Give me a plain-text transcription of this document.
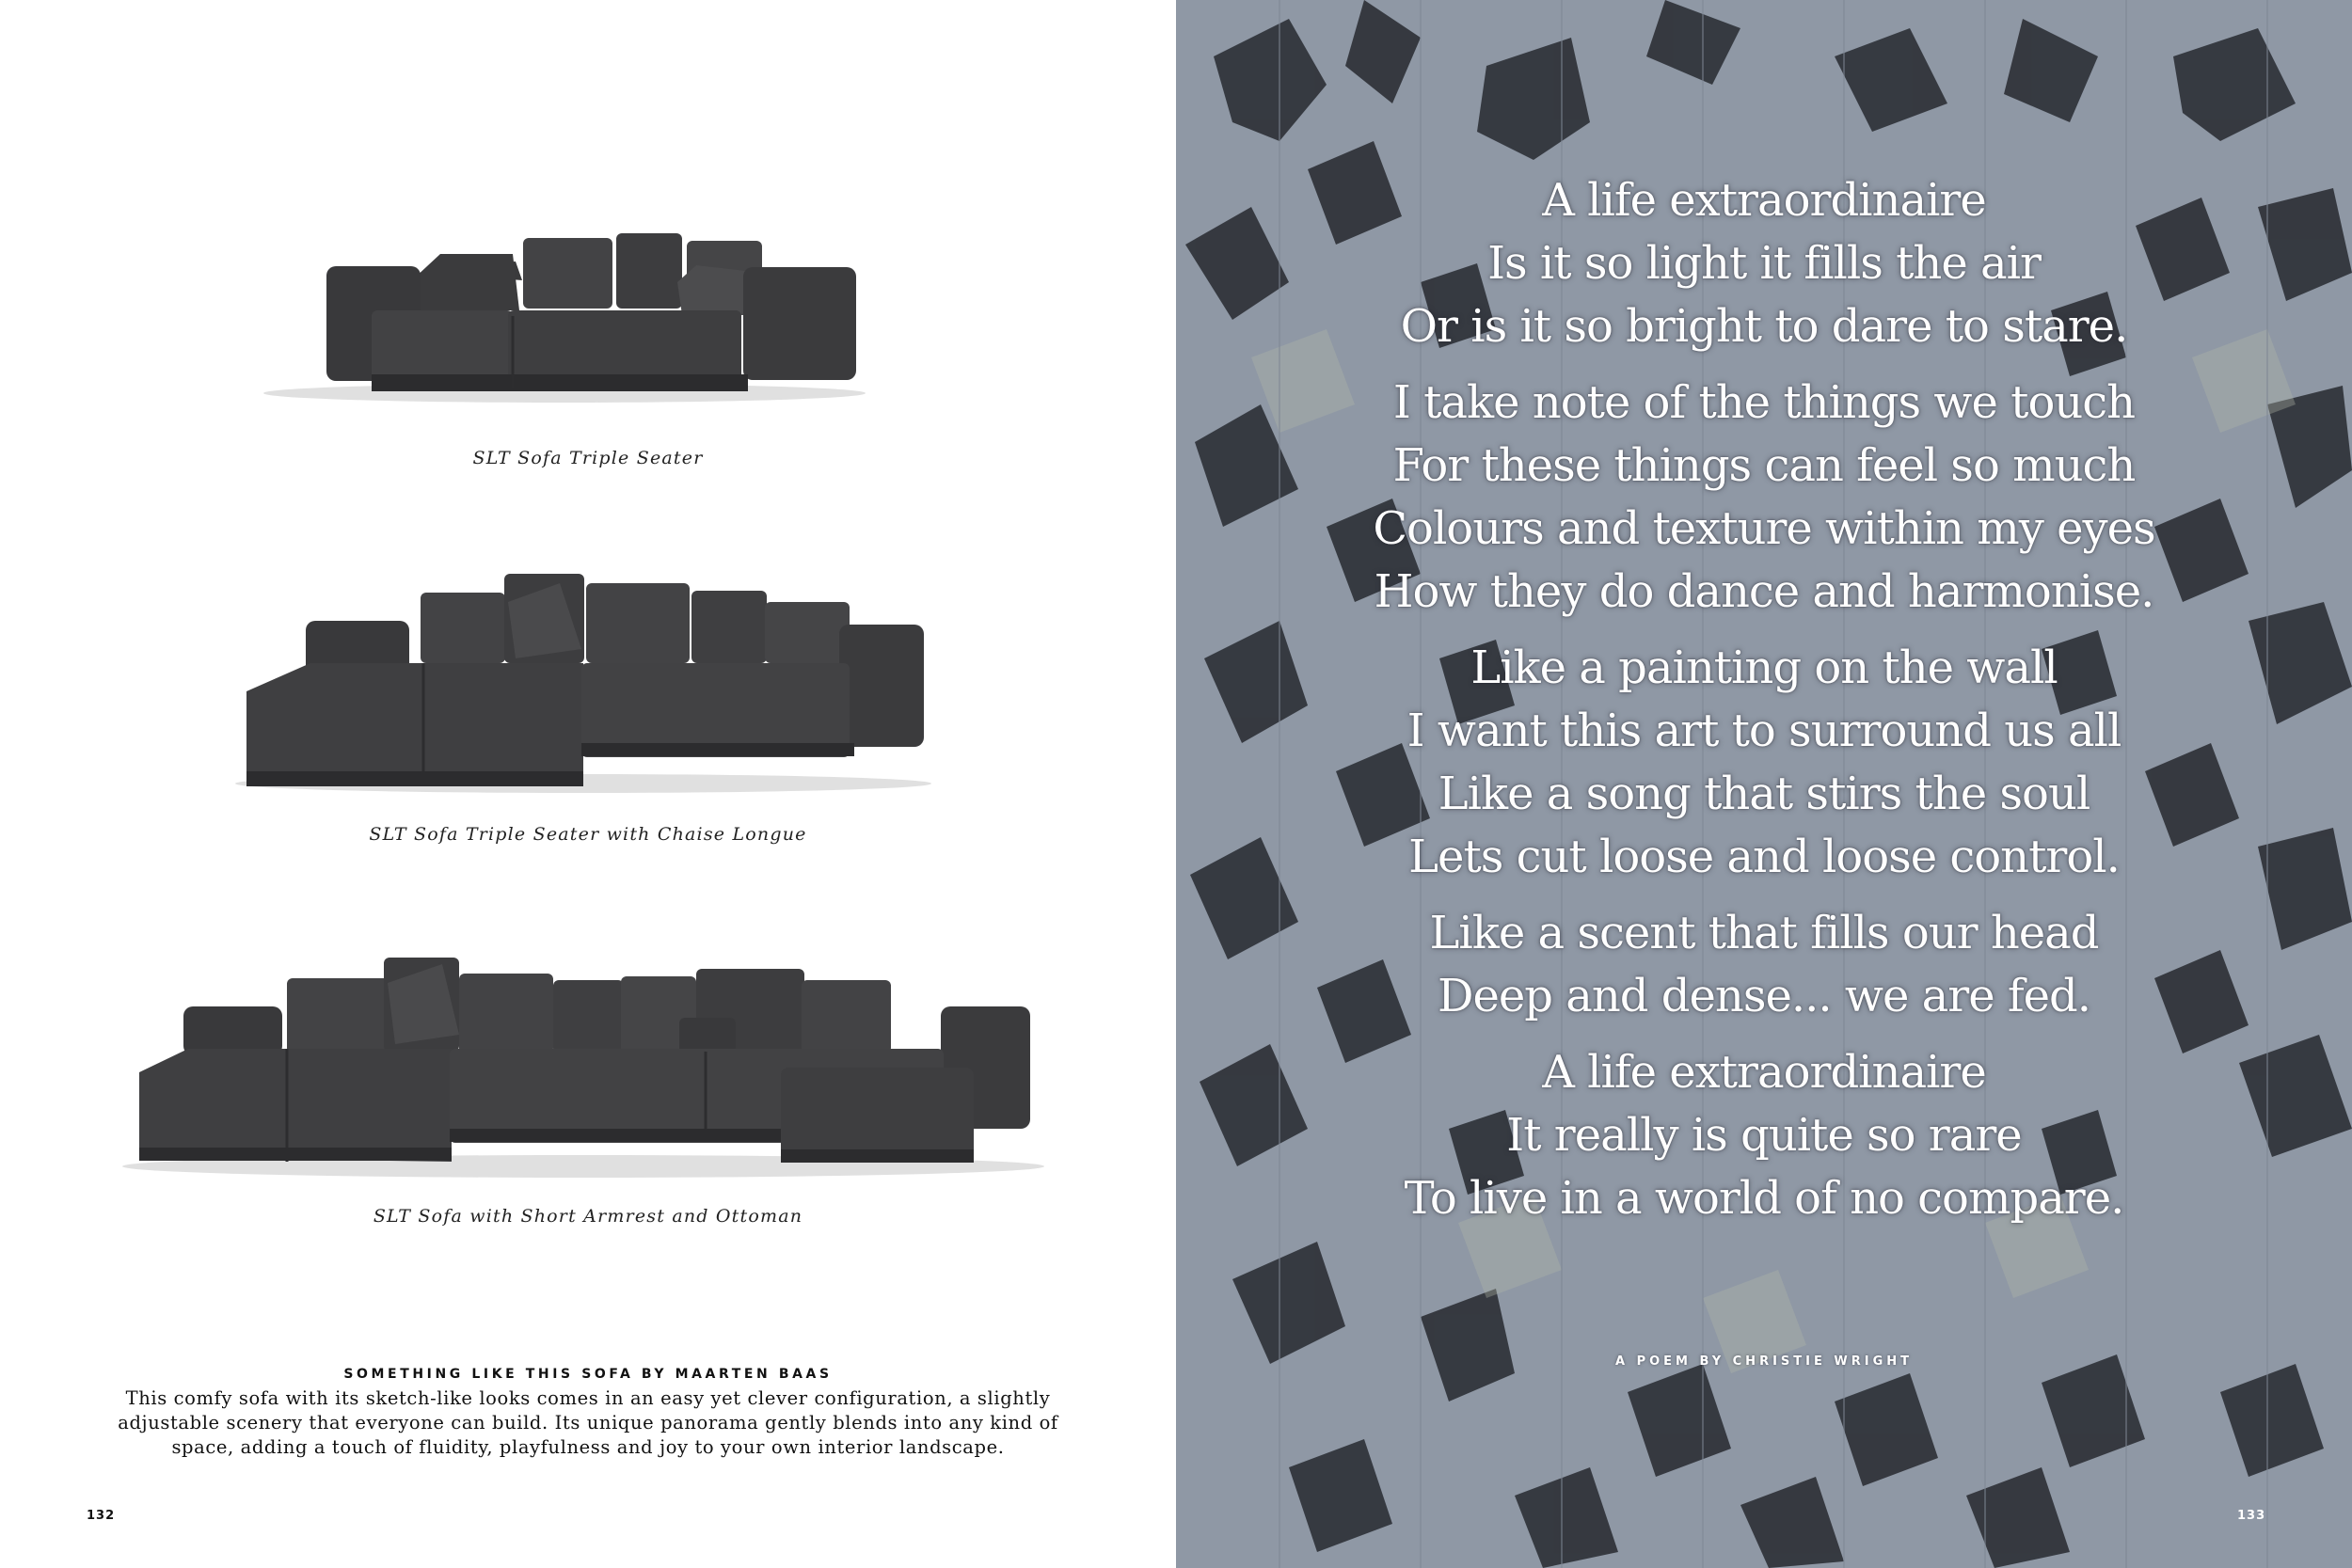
SLT Sofa Triple Seater
SLT Sofa Triple Seater with Chaise Longue
SLT Sofa with Short Armrest and Ottoman
SOMETHING LIKE THIS SOFA BY MAARTEN BAAS
This comfy sofa with its sketch-like looks comes in an easy yet clever configuration, a slightly adjustable scenery that everyone can build. Its unique panorama gently blends into any kind of space, adding a touch of fluidity, playfulness and joy to your own interior landscape.
132
A life extraordinaire
Is it so light it fills the air
Or is it so bright to dare to stare.
I take note of the things we touch
For these things can feel so much
Colours and texture within my eyes
How they do dance and harmonise.
Like a painting on the wall
I want this art to surround us all
Like a song that stirs the soul
Lets cut loose and loose control.
Like a scent that fills our head
Deep and dense... we are fed.
A life extraordinaire
It really is quite so rare
To live in a world of no compare.
A POEM BY CHRISTIE WRIGHT
133
